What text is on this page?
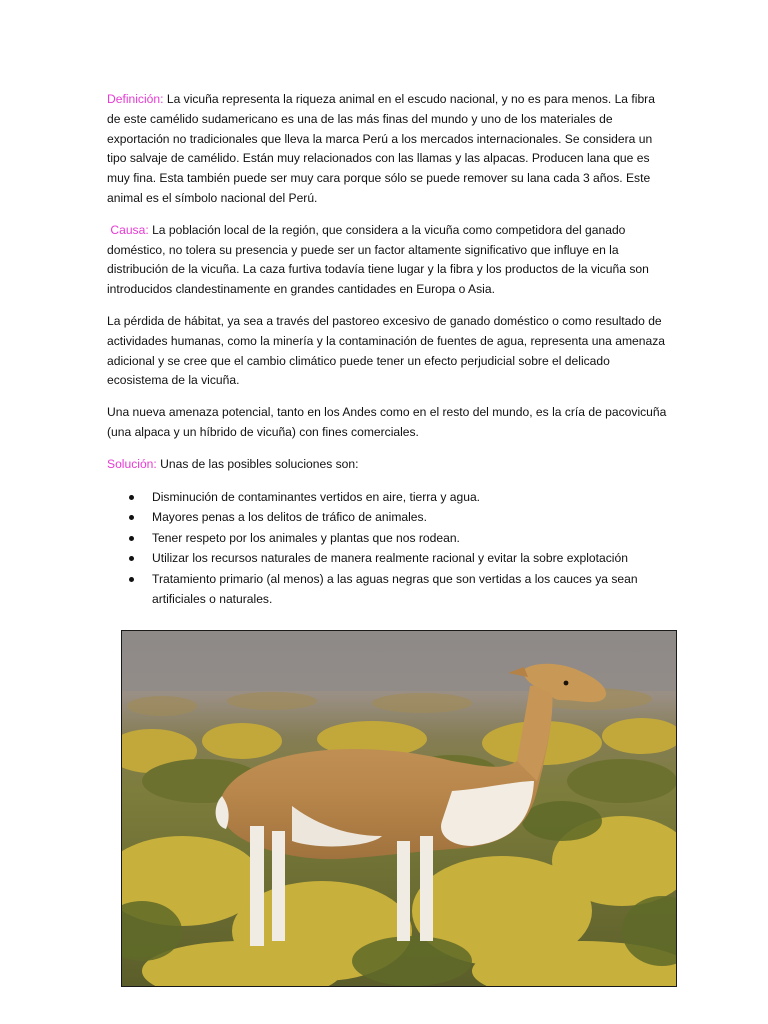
Definición: La vicuña representa la riqueza animal en el escudo nacional, y no es para menos. La fibra de este camélido sudamericano es una de las más finas del mundo y uno de los materiales de exportación no tradicionales que lleva la marca Perú a los mercados internacionales. Se considera un tipo salvaje de camélido. Están muy relacionados con las llamas y las alpacas. Producen lana que es muy fina. Esta también puede ser muy cara porque sólo se puede remover su lana cada 3 años. Este animal es el símbolo nacional del Perú.

Causa: La población local de la región, que considera a la vicuña como competidora del ganado doméstico, no tolera su presencia y puede ser un factor altamente significativo que influye en la distribución de la vicuña. La caza furtiva todavía tiene lugar y la fibra y los productos de la vicuña son introducidos clandestinamente en grandes cantidades en Europa o Asia.

La pérdida de hábitat, ya sea a través del pastoreo excesivo de ganado doméstico o como resultado de actividades humanas, como la minería y la contaminación de fuentes de agua, representa una amenaza adicional y se cree que el cambio climático puede tener un efecto perjudicial sobre el delicado ecosistema de la vicuña.

Una nueva amenaza potencial, tanto en los Andes como en el resto del mundo, es la cría de pacovicuña (una alpaca y un híbrido de vicuña) con fines comerciales.

Solución: Unas de las posibles soluciones son:

Disminución de contaminantes vertidos en aire, tierra y agua.
Mayores penas a los delitos de tráfico de animales.
Tener respeto por los animales y plantas que nos rodean.
Utilizar los recursos naturales de manera realmente racional y evitar la sobre explotación
Tratamiento primario (al menos) a las aguas negras que son vertidas a los cauces ya sean artificiales o naturales.
